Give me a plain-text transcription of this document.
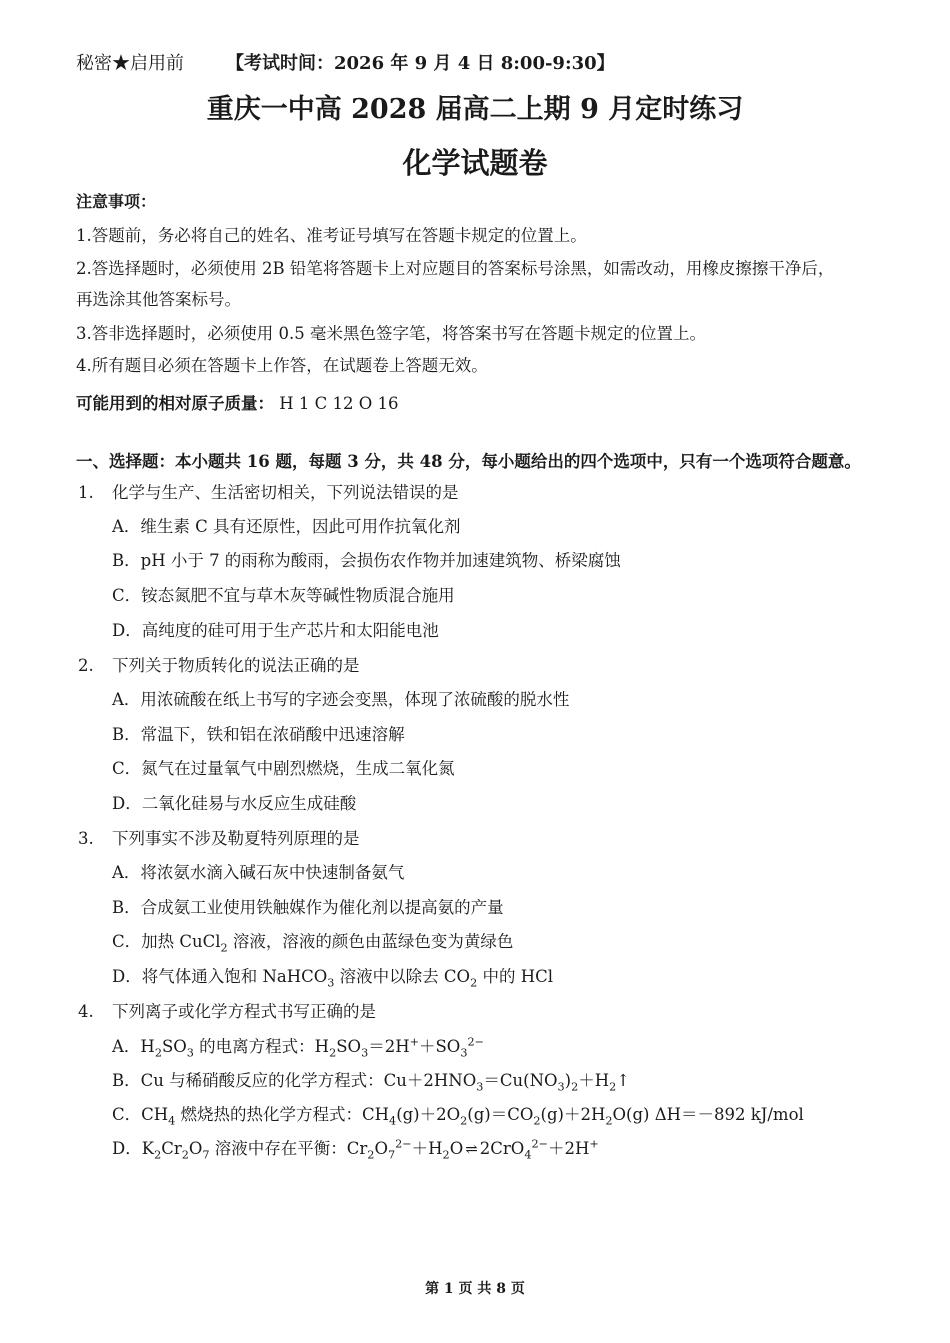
秘密★启用前 【考试时间：2026 年 9 月 4 日 8:00-9:30】
重庆一中高 2028 届高二上期 9 月定时练习
化学试题卷
注意事项：
1.答题前，务必将自己的姓名、准考证号填写在答题卡规定的位置上。
2.答选择题时，必须使用 2B 铅笔将答题卡上对应题目的答案标号涂黑，如需改动，用橡皮擦擦干净后，
再选涂其他答案标号。
3.答非选择题时，必须使用 0.5 毫米黑色签字笔，将答案书写在答题卡规定的位置上。
4.所有题目必须在答题卡上作答，在试题卷上答题无效。
可能用到的相对原子质量： H 1 C 12 O 16
一、选择题：本小题共 16 题，每题 3 分，共 48 分，每小题给出的四个选项中，只有一个选项符合题意。
1. 化学与生产、生活密切相关，下列说法错误的是
A．维生素 C 具有还原性，因此可用作抗氧化剂
B．pH 小于 7 的雨称为酸雨，会损伤农作物并加速建筑物、桥梁腐蚀
C．铵态氮肥不宜与草木灰等碱性物质混合施用
D．高纯度的硅可用于生产芯片和太阳能电池
2. 下列关于物质转化的说法正确的是
A．用浓硫酸在纸上书写的字迹会变黑，体现了浓硫酸的脱水性
B．常温下，铁和铝在浓硝酸中迅速溶解
C．氮气在过量氧气中剧烈燃烧，生成二氧化氮
D．二氧化硅易与水反应生成硅酸
3. 下列事实不涉及勒夏特列原理的是
A．将浓氨水滴入碱石灰中快速制备氨气
B．合成氨工业使用铁触媒作为催化剂以提高氨的产量
C．加热 CuCl$_2$ 溶液，溶液的颜色由蓝绿色变为黄绿色
D．将气体通入饱和 NaHCO$_3$ 溶液中以除去 $CO_2$ 中的 HCl
4. 下列离子或化学方程式书写正确的是
A．$H_2SO_3$ 的电离方程式：$H_2SO_3=2H^++SO_3^{2-}$
B．Cu 与稀硝酸反应的化学方程式：$Cu+2HNO_3=Cu(NO_3)_2+H_2↑$
C．$CH_4$ 燃烧热的热化学方程式：$CH_4(g)+2O_2(g)=CO_2(g)+2H_2O(g)$ ΔH＝－892 kJ/mol
D．$K_2Cr_2O_7$ 溶液中存在平衡：$Cr_2O_7^{2-}+H_2O$ ⇌ 2CrO$_4^{2-}$＋2H+
第 1 页 共 8 页
